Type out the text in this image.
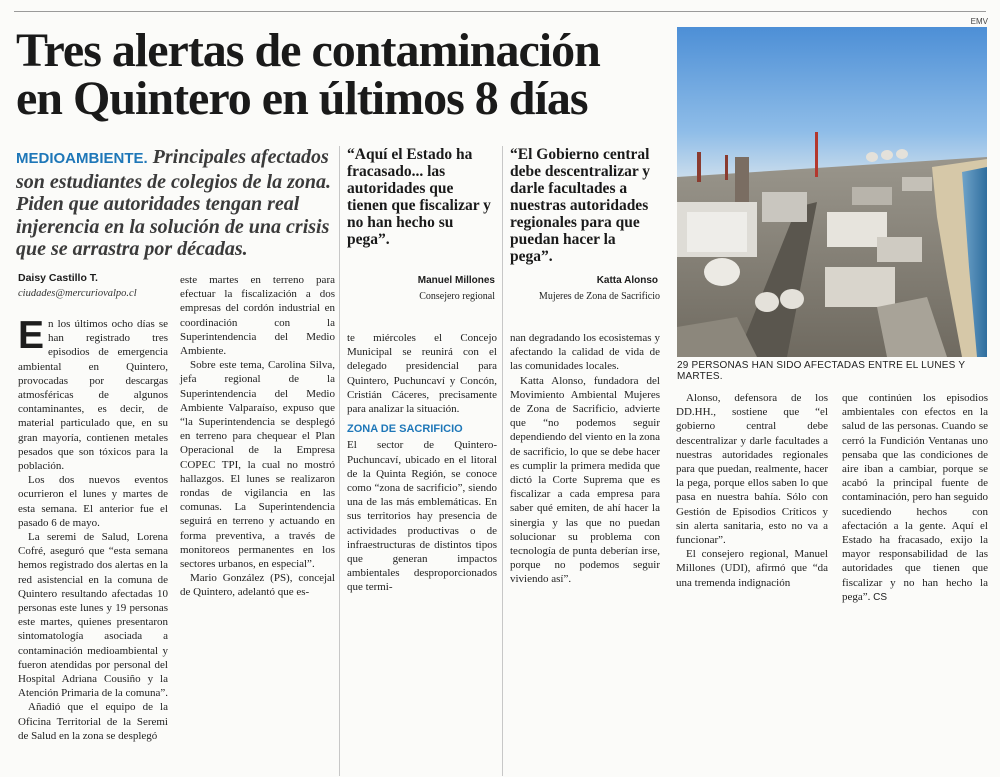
Tres alertas de contaminación
en Quintero en últimos 8 días
EMV
29 PERSONAS HAN SIDO AFECTADAS ENTRE EL LUNES Y MARTES.
MEDIOAMBIENTE. Principales afectados son estudiantes de colegios de la zona. Piden que autoridades tengan real injerencia en la solución de una crisis que se arrastra por décadas.
Daisy Castillo T.
ciudades@mercuriovalpo.cl
“Aquí el Estado ha fracasado... las autoridades que tienen que fiscalizar y no han hecho su pega”.
Manuel Millones
Consejero regional
“El Gobierno central debe descentralizar y darle facultades a nuestras autoridades regionales para que puedan hacer la pega”.
Katta Alonso
Mujeres de Zona de Sacrificio

En los últimos ocho días se han registrado tres episodios de emergencia ambiental en Quintero, provocadas por descargas atmosféricas de algunos contaminantes, es decir, de material particulado que, en su gran mayoría, contienen metales pesados que son tóxicos para la población.

Los dos nuevos eventos ocurrieron el lunes y martes de esta semana. El anterior fue el pasado 6 de mayo.

La seremi de Salud, Lorena Cofré, aseguró que “esta semana hemos registrado dos alertas en la red asistencial en la comuna de Quintero resultando afectadas 10 personas este lunes y 19 personas este martes, quienes presentaron sintomatología asociada a contaminación medioambiental y fueron atendidas por personal del Hospital Adriana Cousiño y la Atención Primaria de la comuna”.

Añadió que el equipo de la Oficina Territorial de la Seremi de Salud en la zona se desplegó

este martes en terreno para efectuar la fiscalización a dos empresas del cordón industrial en coordinación con la Superintendencia del Medio Ambiente.

Sobre este tema, Carolina Silva, jefa regional de la Superintendencia del Medio Ambiente Valparaíso, expuso que “la Superintendencia se desplegó en terreno para chequear el Plan Operacional de la Empresa COPEC TPI, la cual no mostró hallazgos. El lunes se realizaron rondas de vigilancia en las comunas. La Superintendencia seguirá en terreno y actuando en forma preventiva, a través de monitoreos permanentes en los sectores urbanos, en especial”.

Mario González (PS), concejal de Quintero, adelantó que es-

te miércoles el Concejo Municipal se reunirá con el delegado presidencial para Quintero, Puchuncaví y Concón, Cristián Cáceres, precisamente para analizar la situación.

ZONA DE SACRIFICIO

El sector de Quintero-Puchuncaví, ubicado en el litoral de la Quinta Región, se conoce como “zona de sacrificio”, siendo una de las más emblemáticas. En sus territorios hay presencia de actividades productivas o de infraestructuras de distintos tipos que generan impactos ambientales desproporcionados que termi-

nan degradando los ecosistemas y afectando la calidad de vida de las comunidades locales.

Katta Alonso, fundadora del Movimiento Ambiental Mujeres de Zona de Sacrificio, advierte que “no podemos seguir dependiendo del viento en la zona de sacrificio, lo que se debe hacer es cumplir la primera medida que dictó la Corte Suprema que es fiscalizar a cada empresa para saber qué emiten, de ahí hacer la sinergia y las que no puedan solucionar su problema con tecnología de punta deberían irse, porque no podemos seguir viviendo así”.

Alonso, defensora de los DD.HH., sostiene que “el gobierno central debe descentralizar y darle facultades a nuestras autoridades regionales para que puedan, realmente, hacer la pega, porque ellos saben lo que pasa en nuestra bahía. Sólo con Gestión de Episodios Críticos y sin alerta sanitaria, esto no va a funcionar”.

El consejero regional, Manuel Millones (UDI), afirmó que “da una tremenda indignación

que continúen los episodios ambientales con efectos en la salud de las personas. Cuando se cerró la Fundición Ventanas uno pensaba que las condiciones de aire iban a cambiar, porque se acabó la principal fuente de contaminación, pero han seguido sucediendo hechos con afectación a la gente. Aquí el Estado ha fracasado, exijo la mayor responsabilidad de las autoridades que tienen que fiscalizar y no han hecho la pega”. CS
